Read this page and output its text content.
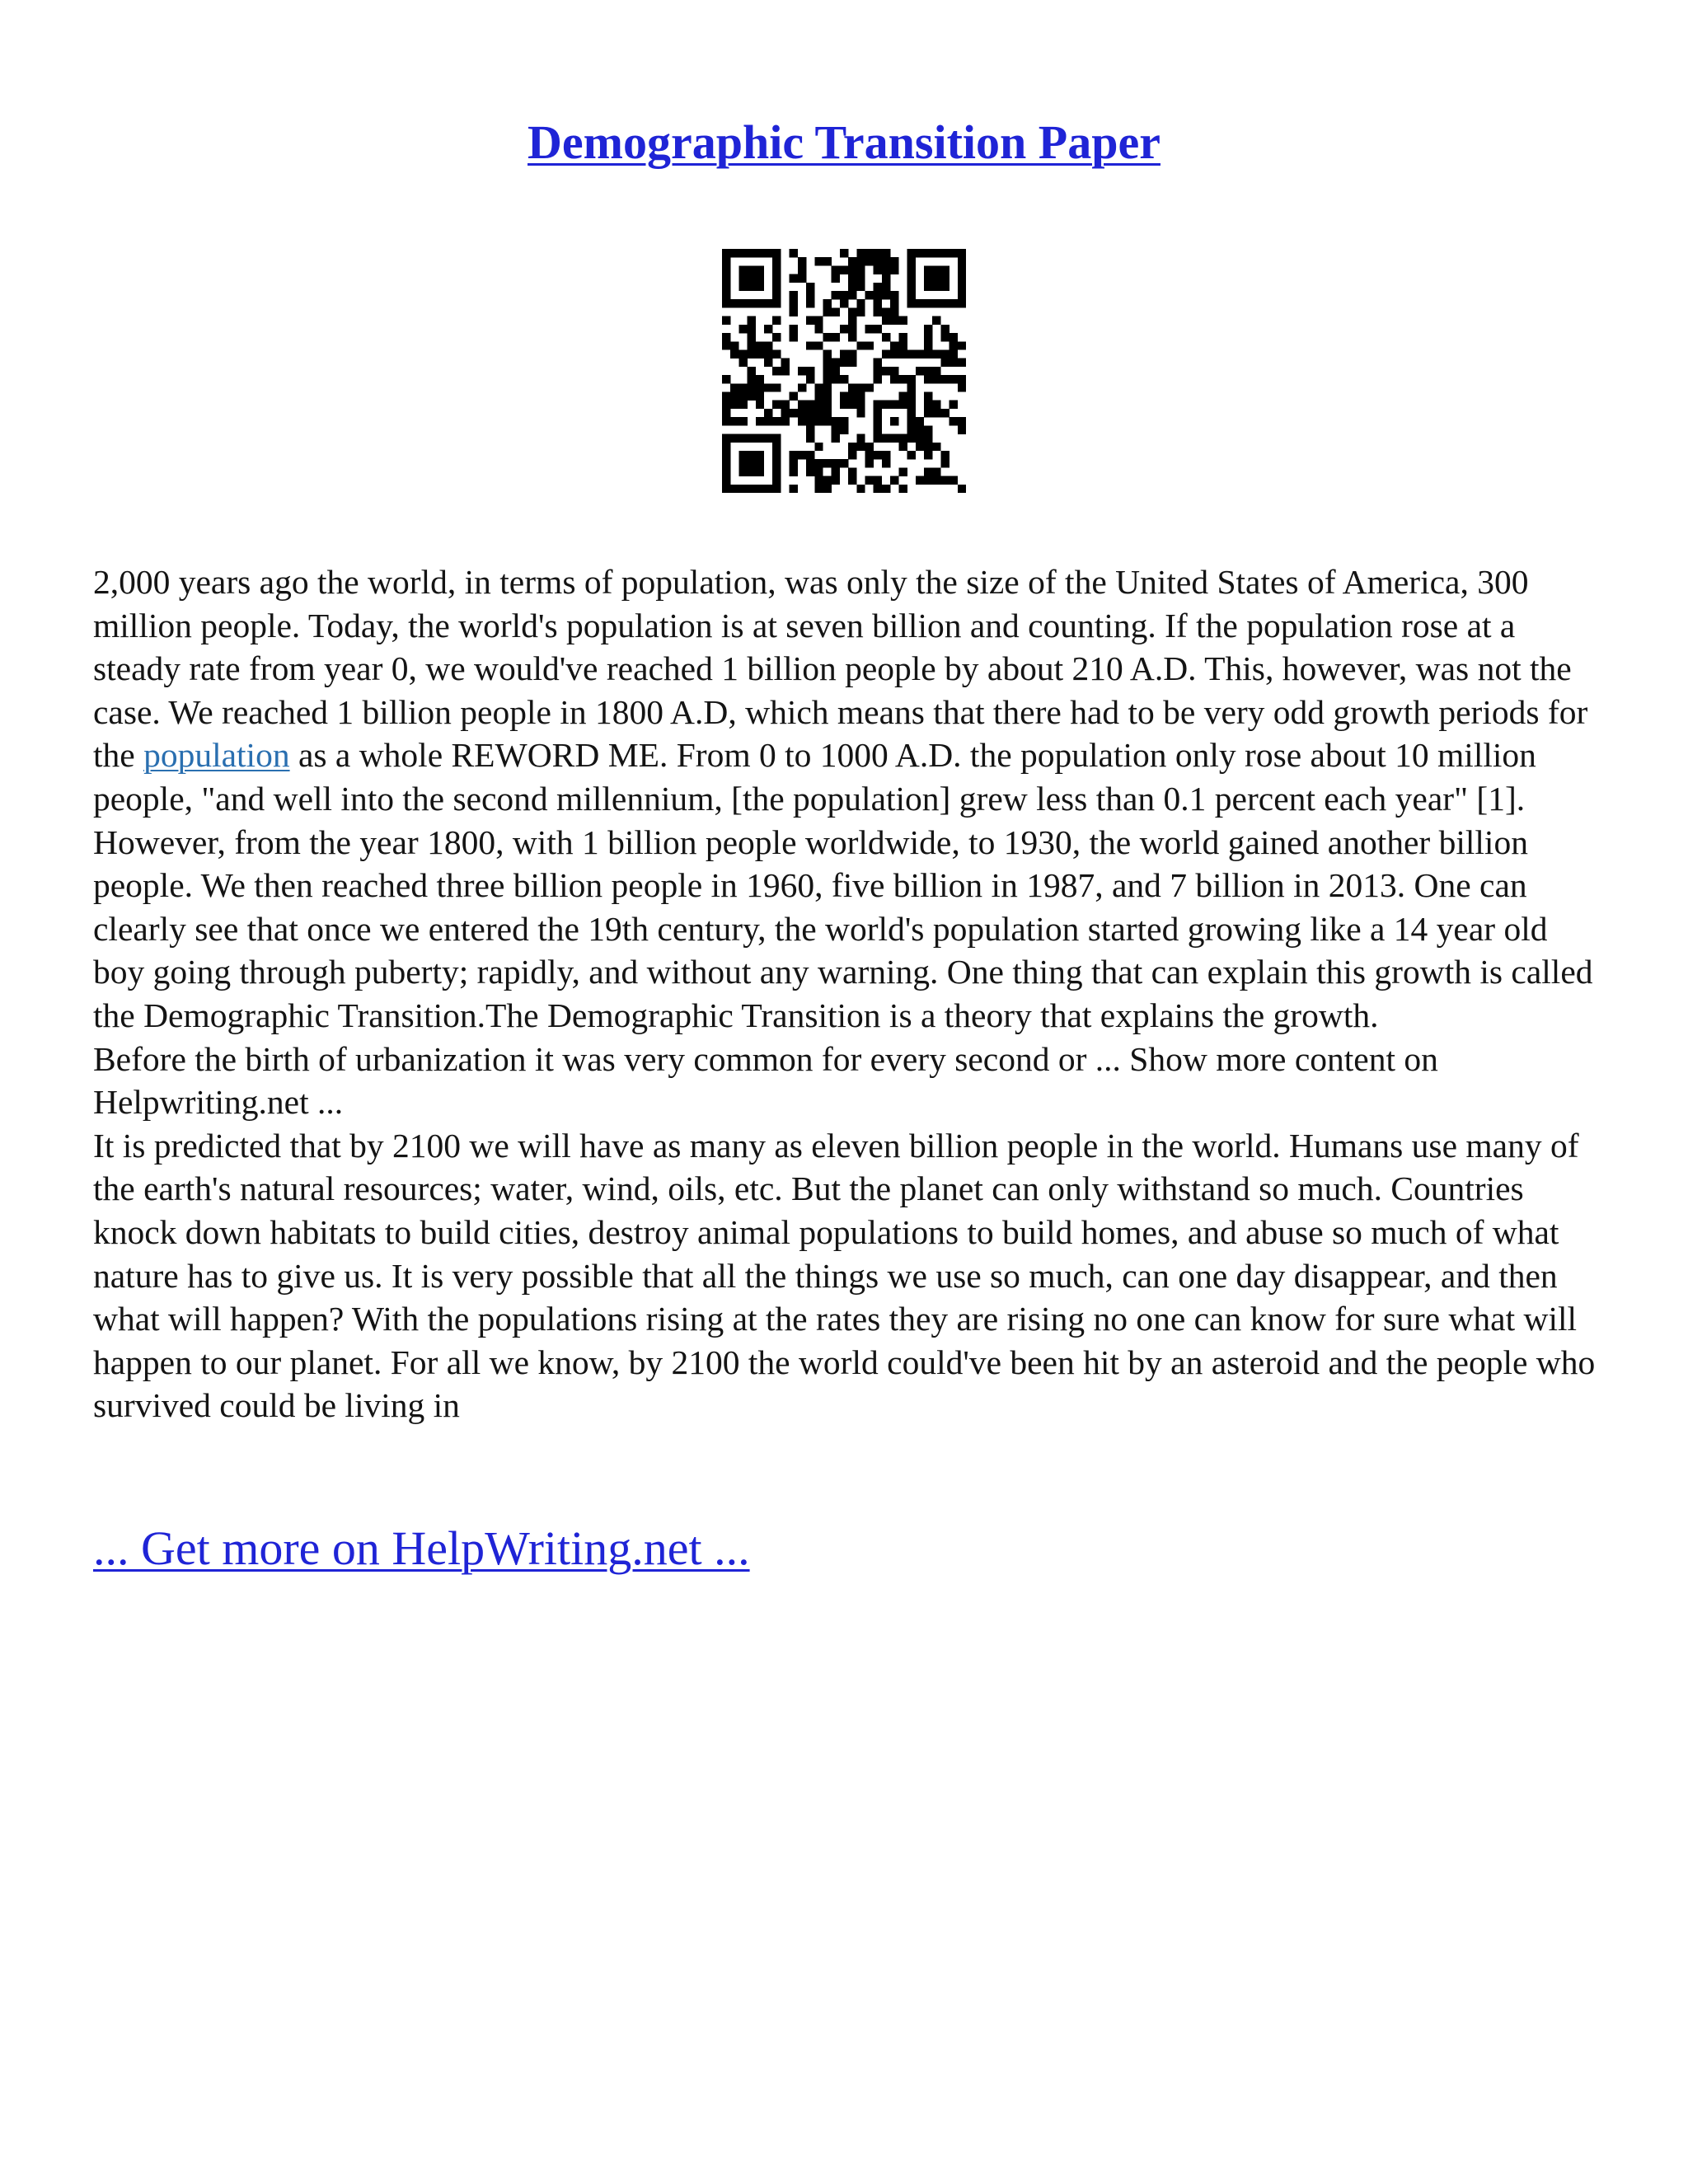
Demographic Transition Paper

2,000 years ago the world, in terms of population, was only the size of the United States of America, 300 million people. Today, the world's population is at seven billion and counting. If the population rose at a steady rate from year 0, we would've reached 1 billion people by about 210 A.D. This, however, was not the case. We reached 1 billion people in 1800 A.D, which means that there had to be very odd growth periods for the population as a whole REWORD ME. From 0 to 1000 A.D. the population only rose about 10 million people, "and well into the second millennium, [the population] grew less than 0.1 percent each year" [1]. However, from the year 1800, with 1 billion people worldwide, to 1930, the world gained another billion people. We then reached three billion people in 1960, five billion in 1987, and 7 billion in 2013. One can clearly see that once we entered the 19th century, the world's population started growing like a 14 year old boy going through puberty; rapidly, and without any warning. One thing that can explain this growth is called the Demographic Transition.The Demographic Transition is a theory that explains the growth.

Before the birth of urbanization it was very common for every second or ... Show more content on Helpwriting.net ...

It is predicted that by 2100 we will have as many as eleven billion people in the world. Humans use many of the earth's natural resources; water, wind, oils, etc. But the planet can only withstand so much. Countries knock down habitats to build cities, destroy animal populations to build homes, and abuse so much of what nature has to give us. It is very possible that all the things we use so much, can one day disappear, and then what will happen? With the populations rising at the rates they are rising no one can know for sure what will happen to our planet. For all we know, by 2100 the world could've been hit by an asteroid and the people who survived could be living in

... Get more on HelpWriting.net ...
